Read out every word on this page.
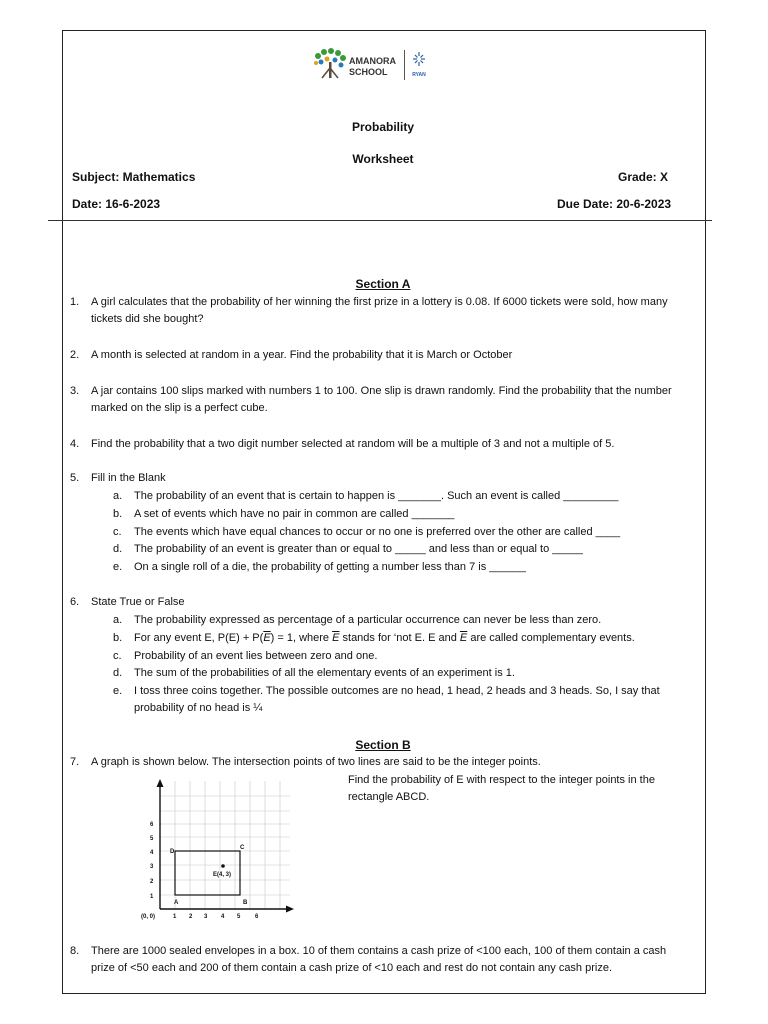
AMANORA
SCHOOL	RYAN
Probability
Worksheet
Subject: Mathematics	Grade: X
Date: 16-6-2023	Due Date: 20-6-2023
Section A
1. A girl calculates that the probability of her winning the first prize in a lottery is 0.08. If 6000 tickets were sold, how many tickets did she bought?
2. A month is selected at random in a year. Find the probability that it is March or October
3. A jar contains 100 slips marked with numbers 1 to 100. One slip is drawn randomly. Find the probability that the number marked on the slip is a perfect cube.
4. Find the probability that a two digit number selected at random will be a multiple of 3 and not a multiple of 5.
5. Fill in the Blank
a. The probability of an event that is certain to happen is _______. Such an event is called _________
b. A set of events which have no pair in common are called _______
c. The events which have equal chances to occur or no one is preferred over the other are called ____
d. The probability of an event is greater than or equal to _____ and less than or equal to _____
e. On a single roll of a die, the probability of getting a number less than 7 is ______
6. State True or False
a. The probability expressed as percentage of a particular occurrence can never be less than zero.
b. For any event E, $P(E) + P(\overline{E}) = 1$, where $\overline{E}$ stands for ‘not E. E and $\overline{E}$ are called complementary events.
c. Probability of an event lies between zero and one.
d. The sum of the probabilities of all the elementary events of an experiment is 1.
e. I toss three coins together. The possible outcomes are no head, 1 head, 2 heads and 3 heads. So, I say that probability of no head is ¼
Section B
7. A graph is shown below. The intersection points of two lines are said to be the integer points.
Find the probability of E with respect to the integer points in the rectangle ABCD.
(0, 0)	1 2 3 4 5 6
1
2
3
4
5
6
A	B
C
D
E(4, 3)
8. There are 1000 sealed envelopes in a box. 10 of them contains a cash prize of <100 each, 100 of them contain a cash prize of <50 each and 200 of them contain a cash prize of <10 each and rest do not contain any cash prize.
